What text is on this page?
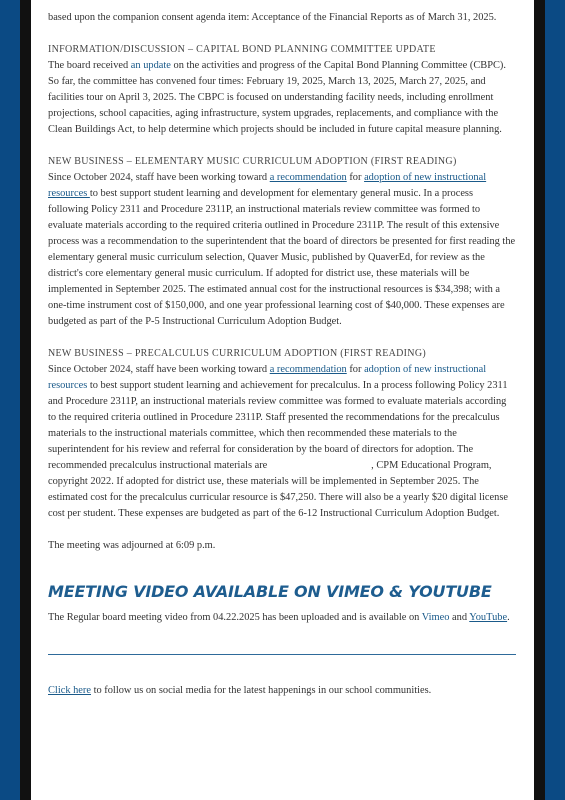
based upon the companion consent agenda item: Acceptance of the Financial Reports as of March 31, 2025.

INFORMATION/DISCUSSION – CAPITAL BOND PLANNING COMMITTEE UPDATE

The board received an update on the activities and progress of the Capital Bond Planning Committee (CBPC). So far, the committee has convened four times: February 19, 2025, March 13, 2025, March 27, 2025, and facilities tour on April 3, 2025. The CBPC is focused on understanding facility needs, including enrollment projections, school capacities, aging infrastructure, system upgrades, replacements, and compliance with the Clean Buildings Act, to help determine which projects should be included in future capital measure planning.

NEW BUSINESS – ELEMENTARY MUSIC CURRICULUM ADOPTION (FIRST READING)

Since October 2024, staff have been working toward a recommendation for adoption of new instructional resources to best support student learning and development for elementary general music. In a process following Policy 2311 and Procedure 2311P, an instructional materials review committee was formed to evaluate materials according to the required criteria outlined in Procedure 2311P. The result of this extensive process was a recommendation to the superintendent that the board of directors be presented for first reading the elementary general music curriculum selection, Quaver Music, published by QuaverEd, for review as the district's core elementary general music curriculum. If adopted for district use, these materials will be implemented in September 2025. The estimated annual cost for the instructional resources is $34,398; with a one-time instrument cost of $150,000, and one year professional learning cost of $40,000. These expenses are budgeted as part of the P-5 Instructional Curriculum Adoption Budget.

NEW BUSINESS – PRECALCULUS CURRICULUM ADOPTION (FIRST READING)

Since October 2024, staff have been working toward a recommendation for adoption of new instructional resources to best support student learning and achievement for precalculus. In a process following Policy 2311 and Procedure 2311P, an instructional materials review committee was formed to evaluate materials according to the required criteria outlined in Procedure 2311P. Staff presented the recommendations for the precalculus materials to the instructional materials committee, which then recommended these materials to the superintendent for his review and referral for consideration by the board of directors for adoption. The recommended precalculus instructional materials are                                        , CPM Educational Program, copyright 2022. If adopted for district use, these materials will be implemented in September 2025. The estimated cost for the precalculus curricular resource is $47,250. There will also be a yearly $20 digital license cost per student. These expenses are budgeted as part of the 6-12 Instructional Curriculum Adoption Budget.

The meeting was adjourned at 6:09 p.m.

MEETING VIDEO AVAILABLE ON VIMEO & YOUTUBE

The Regular board meeting video from 04.22.2025 has been uploaded and is available on Vimeo and YouTube.

Click here to follow us on social media for the latest happenings in our school communities.
